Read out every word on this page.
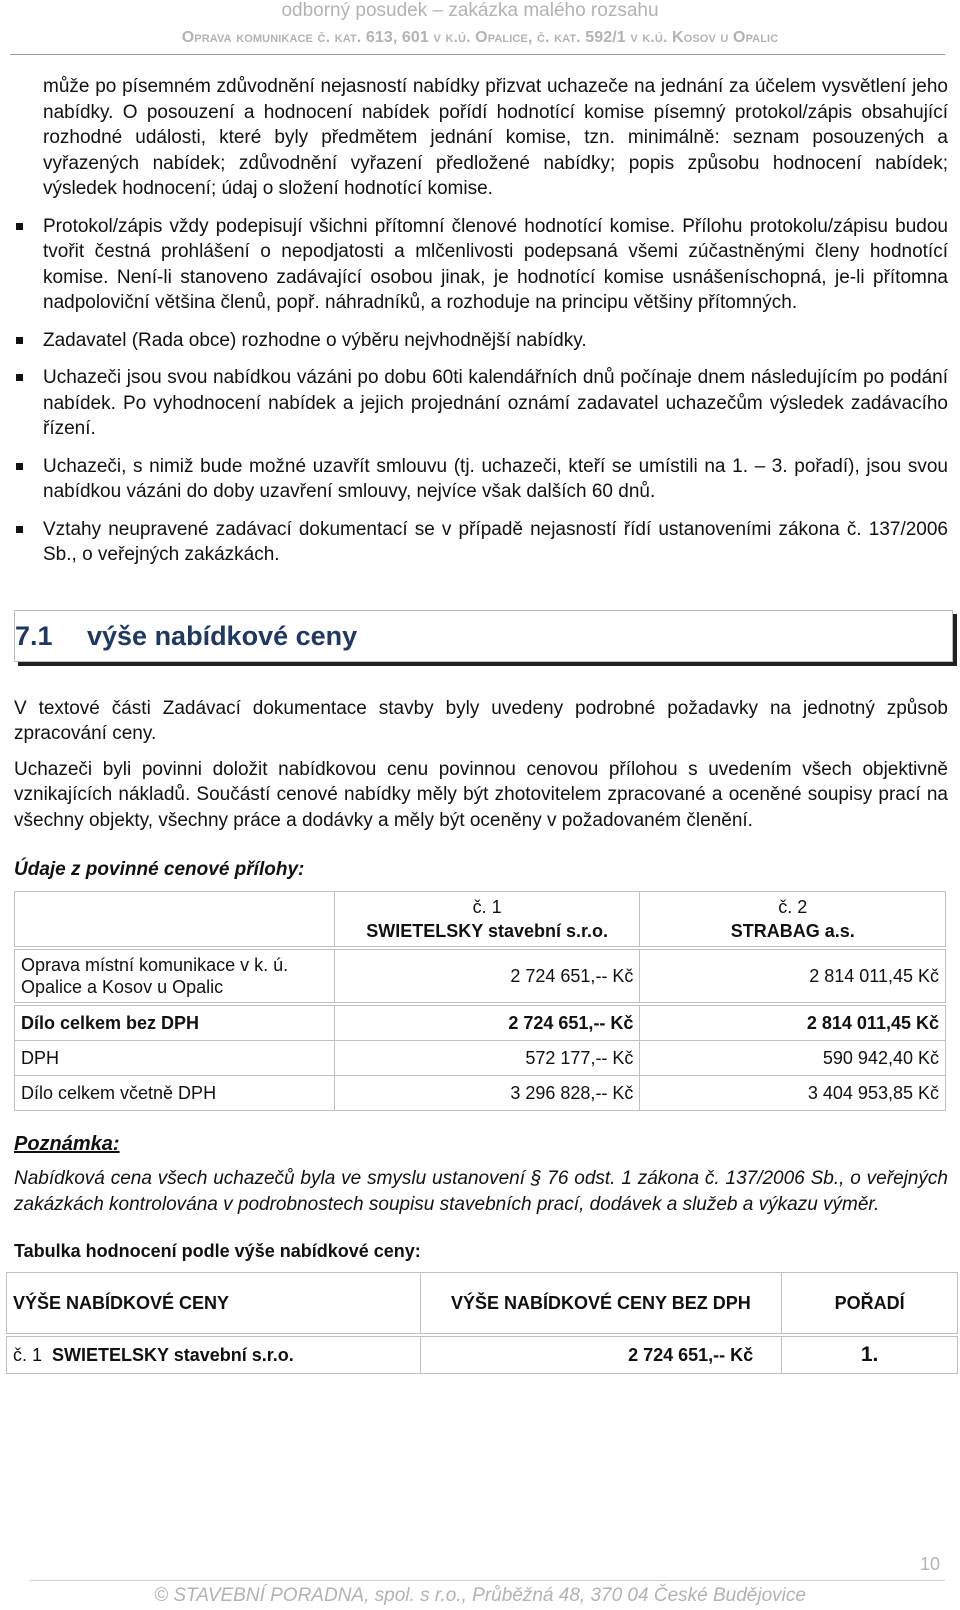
odborný posudek – zakázka malého rozsahu
Oprava komunikace č. kat. 613, 601 v k.ú. Opalice, č. kat. 592/1 v k.ú. Kosov u Opalic

může po písemném zdůvodnění nejasností nabídky přizvat uchazeče na jednání za účelem vysvětlení jeho nabídky. O posouzení a hodnocení nabídek pořídí hodnotící komise písemný protokol/zápis obsahující rozhodné události, které byly předmětem jednání komise, tzn. minimálně: seznam posouzených a vyřazených nabídek; zdůvodnění vyřazení předložené nabídky; popis způsobu hodnocení nabídek; výsledek hodnocení; údaj o složení hodnotící komise.

Protokol/zápis vždy podepisují všichni přítomní členové hodnotící komise. Přílohu protokolu/zápisu budou tvořit čestná prohlášení o nepodjatosti a mlčenlivosti podepsaná všemi zúčastněnými členy hodnotící komise. Není-li stanoveno zadávající osobou jinak, je hodnotící komise usnášeníschopná, je-li přítomna nadpoloviční většina členů, popř. náhradníků, a rozhoduje na principu většiny přítomných.

Zadavatel (Rada obce) rozhodne o výběru nejvhodnější nabídky.

Uchazeči jsou svou nabídkou vázáni po dobu 60ti kalendářních dnů počínaje dnem následujícím po podání nabídek. Po vyhodnocení nabídek a jejich projednání oznámí zadavatel uchazečům výsledek zadávacího řízení.

Uchazeči, s nimiž bude možné uzavřít smlouvu (tj. uchazeči, kteří se umístili na 1. – 3. pořadí), jsou svou nabídkou vázáni do doby uzavření smlouvy, nejvíce však dalších 60 dnů.

Vztahy neupravené zadávací dokumentací se v případě nejasností řídí ustanoveními zákona č. 137/2006 Sb., o veřejných zakázkách.

7.1 výše nabídkové ceny

V textové části Zadávací dokumentace stavby byly uvedeny podrobné požadavky na jednotný způsob zpracování ceny.

Uchazeči byli povinni doložit nabídkovou cenu povinnou cenovou přílohou s uvedením všech objektivně vznikajících nákladů. Součástí cenové nabídky měly být zhotovitelem zpracované a oceněné soupisy prací na všechny objekty, všechny práce a dodávky a měly být oceněny v požadovaném členění.

Údaje z povinné cenové přílohy:

	č. 1
SWIETELSKY stavební s.r.o.	č. 2
STRABAG a.s.
Oprava místní komunikace v k. ú. Opalice a Kosov u Opalic	2 724 651,-- Kč	2 814 011,45 Kč
Dílo celkem bez DPH	2 724 651,-- Kč	2 814 011,45 Kč
DPH	572 177,-- Kč	590 942,40 Kč
Dílo celkem včetně DPH	3 296 828,-- Kč	3 404 953,85 Kč

Poznámka:

Nabídková cena všech uchazečů byla ve smyslu ustanovení § 76 odst. 1 zákona č. 137/2006 Sb., o veřejných zakázkách kontrolována v podrobnostech soupisu stavebních prací, dodávek a služeb a výkazu výměr.

Tabulka hodnocení podle výše nabídkové ceny:

VÝŠE NABÍDKOVÉ CENY	VÝŠE NABÍDKOVÉ CENY BEZ DPH	POŘADÍ
č. 1 SWIETELSKY stavební s.r.o.	2 724 651,-- Kč	1.
10
© STAVEBNÍ PORADNA, spol. s r.o., Průběžná 48, 370 04 České Budějovice
